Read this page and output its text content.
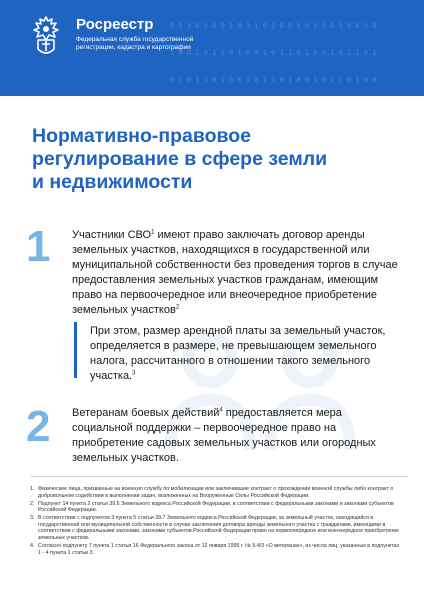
0 1 1 0 1 0 0 1 0 1 1 0 1 0 0 1 0 1 1 0 1 0 0 1 0

1 0 0 1 0 1 1 0 1 0 0 1 0 1 1 0 1 0 0 1 0 1 1 0 1

0 1 0 1 1 0 1 0 0 1 0 1 1 0 1 0 0 1 0 1 1 0 1 0 0

Росреестр
Федеральная служба государственной регистрации, кадастра и картографии
Нормативно-правовое регулирование в сфере земли и недвижимости
1 Участники СВО$^1$ имеют право заключать договор аренды земельных участков, находящихся в государственной или муниципальной собственности без проведения торгов в случае предоставления земельных участков гражданам, имеющим право на первоочередное или внеочередное приобретение земельных участков$^2$
При этом, размер арендной платы за земельный участок, определяется в размере, не превышающем земельного налога, рассчитанного в отношении такого земельного участка.$^3$
2 Ветеранам боевых действий$^4$ предоставляется мера социальной поддержки – первоочередное право на приобретение садовых земельных участков или огородных земельных участков.
1. Физические лица, призванные на военную службу по мобилизации или заключившие контракт о прохождении военной службы либо контракт о добровольном содействии в выполнении задач, возложенных на Вооруженные Силы Российской Федерации.
2. Подпункт 14 пункта 2 статьи 39.6 Земельного кодекса Российской Федерации, в соответствии с федеральными законами и законами субъектов Российской Федерации.
3. В соответствии с подпунктом 3 пункта 5 статьи 39.7 Земельного кодекса Российской Федерации, за земельный участок, находящийся в государственной или муниципальной собственности в случае заключения договора аренды земельного участка с гражданами, имеющими в соответствии с федеральными законами, законами субъектов Российской Федерации право на первоочередное или внеочередное приобретение земельных участков.
4. Согласно подпункту 7 пункта 1 статьи 16 Федерального закона от 12 января 1995 г. № 5-ФЗ «О ветеранах», из числа лиц, указанных в подпунктах 1 - 4 пункта 1 статьи 3.
